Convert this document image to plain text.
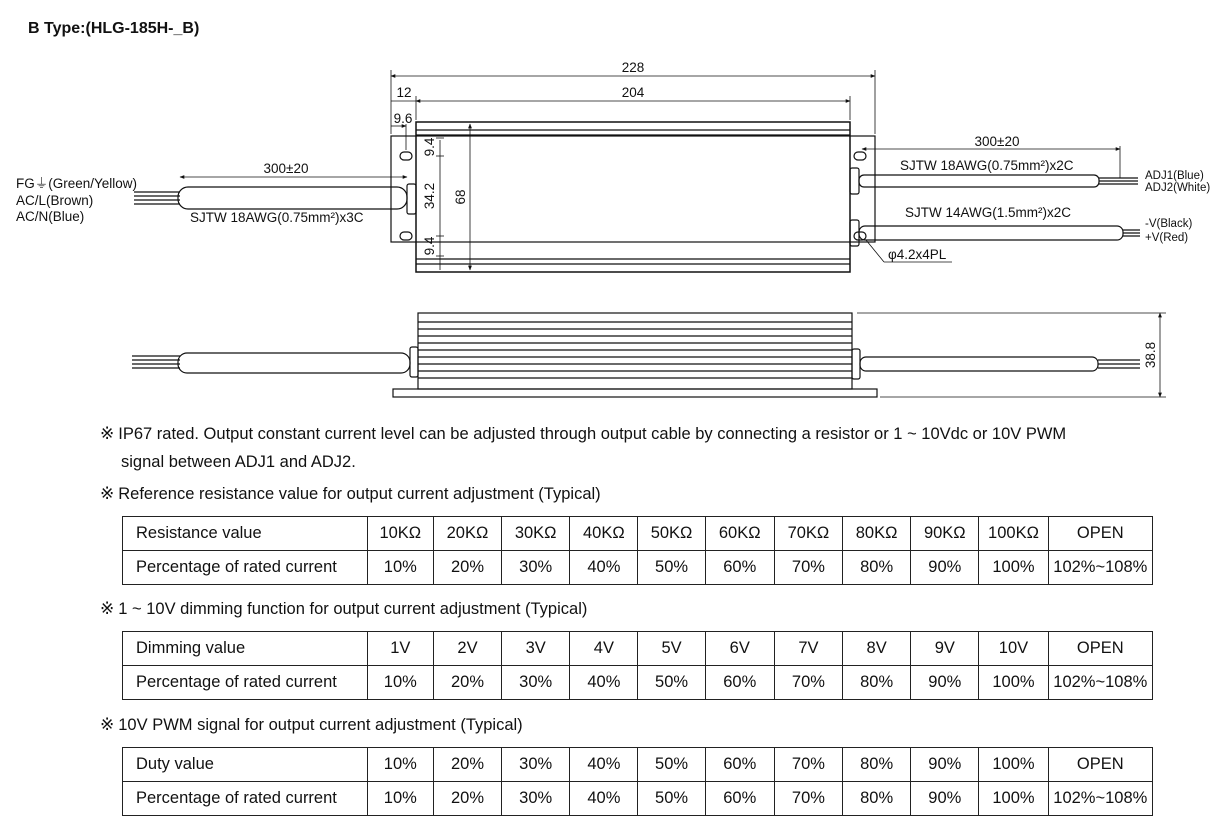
B Type:(HLG-185H-_B)
228
204
12
9.6
9.4
34.2
9.4
68
38.8
300±20
300±20
SJTW 18AWG(0.75mm²)x3C
SJTW 18AWG(0.75mm²)x2C
SJTW 14AWG(1.5mm²)x2C
φ4.2x4PL
FG⏚(Green/Yellow)
AC/L(Brown)
AC/N(Blue)
ADJ1(Blue)
ADJ2(White)
-V(Black)
+V(Red)
※ IP67 rated. Output constant current level can be adjusted through output cable by connecting a resistor or 1 ~ 10Vdc or 10V PWM
signal between ADJ1 and ADJ2.
※ Reference resistance value for output current adjustment (Typical)
Resistance value	10KΩ	20KΩ	30KΩ	40KΩ	50KΩ	60KΩ	70KΩ	80KΩ	90KΩ	100KΩ	OPEN
Percentage of rated current	10%	20%	30%	40%	50%	60%	70%	80%	90%	100%	102%~108%
※ 1 ~ 10V dimming function for output current adjustment (Typical)
Dimming value	1V	2V	3V	4V	5V	6V	7V	8V	9V	10V	OPEN
Percentage of rated current	10%	20%	30%	40%	50%	60%	70%	80%	90%	100%	102%~108%
※ 10V PWM signal for output current adjustment (Typical)
Duty value	10%	20%	30%	40%	50%	60%	70%	80%	90%	100%	OPEN
Percentage of rated current	10%	20%	30%	40%	50%	60%	70%	80%	90%	100%	102%~108%
